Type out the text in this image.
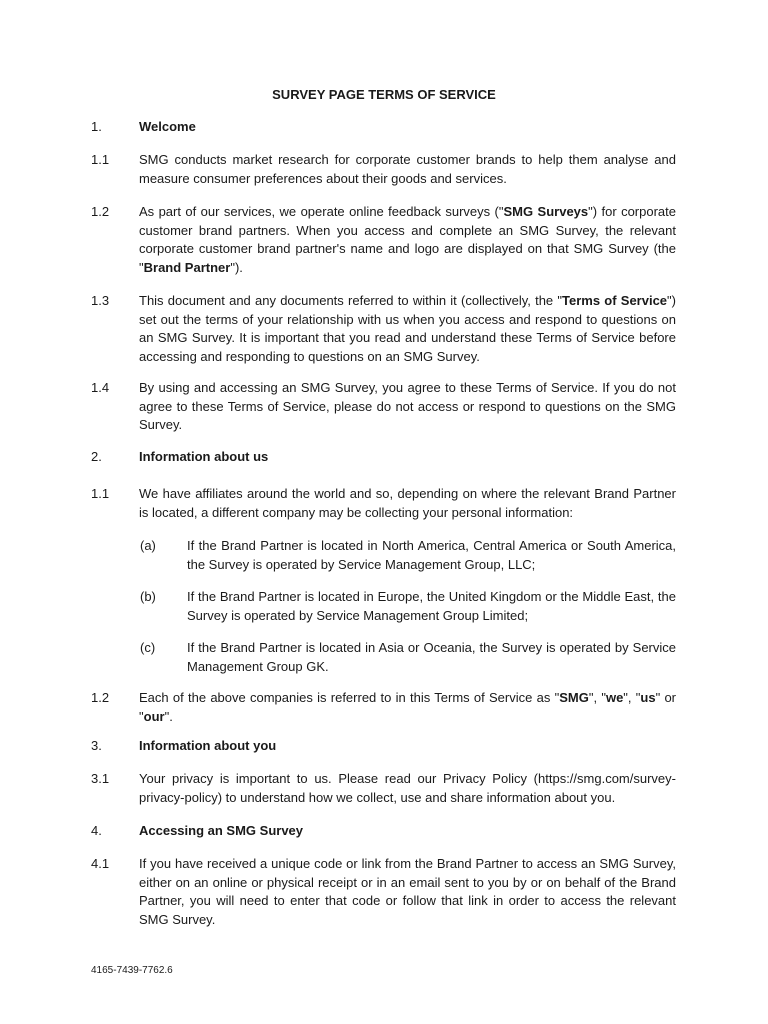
SURVEY PAGE TERMS OF SERVICE
1.	Welcome
1.1 SMG conducts market research for corporate customer brands to help them analyse and measure consumer preferences about their goods and services.
1.2 As part of our services, we operate online feedback surveys ("SMG Surveys") for corporate customer brand partners. When you access and complete an SMG Survey, the relevant corporate customer brand partner's name and logo are displayed on that SMG Survey (the "Brand Partner").
1.3 This document and any documents referred to within it (collectively, the "Terms of Service") set out the terms of your relationship with us when you access and respond to questions on an SMG Survey. It is important that you read and understand these Terms of Service before accessing and responding to questions on an SMG Survey.
1.4 By using and accessing an SMG Survey, you agree to these Terms of Service. If you do not agree to these Terms of Service, please do not access or respond to questions on the SMG Survey.
2.	Information about us
1.1 We have affiliates around the world and so, depending on where the relevant Brand Partner is located, a different company may be collecting your personal information:
(a) If the Brand Partner is located in North America, Central America or South America, the Survey is operated by Service Management Group, LLC;
(b) If the Brand Partner is located in Europe, the United Kingdom or the Middle East, the Survey is operated by Service Management Group Limited;
(c) If the Brand Partner is located in Asia or Oceania, the Survey is operated by Service Management Group GK.
1.2 Each of the above companies is referred to in this Terms of Service as "SMG", "we", "us" or "our".
3.	Information about you
3.1 Your privacy is important to us. Please read our Privacy Policy (https://smg.com/survey-privacy-policy) to understand how we collect, use and share information about you.
4.	Accessing an SMG Survey
4.1 If you have received a unique code or link from the Brand Partner to access an SMG Survey, either on an online or physical receipt or in an email sent to you by or on behalf of the Brand Partner, you will need to enter that code or follow that link in order to access the relevant SMG Survey.
4165-7439-7762.6
